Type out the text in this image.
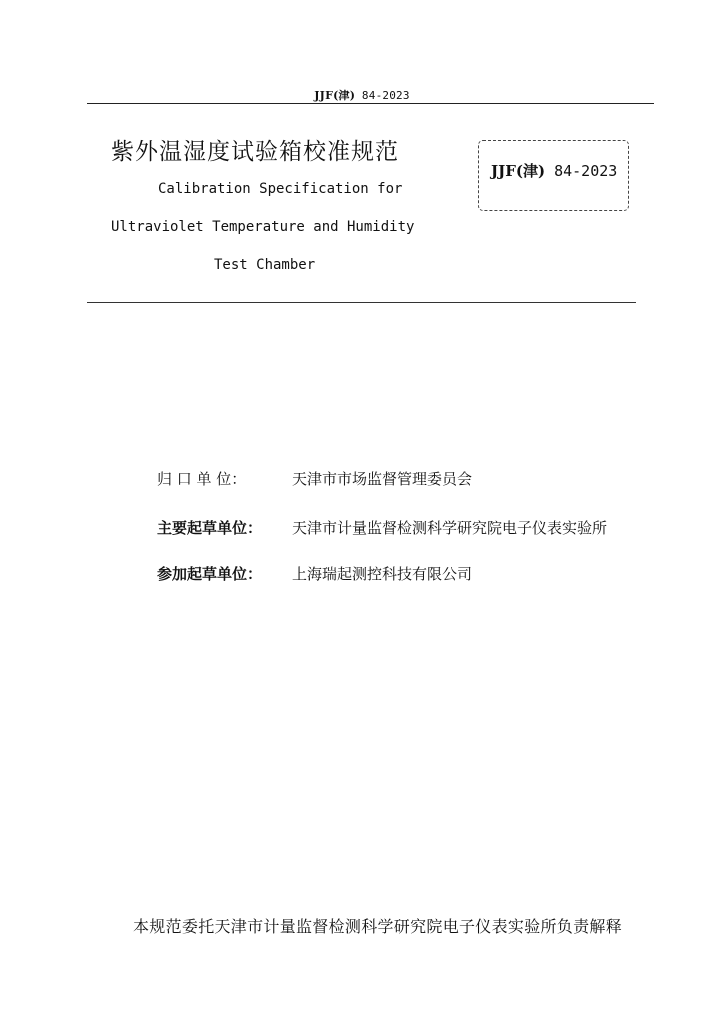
JJF(津) 84-2023
紫外温湿度试验箱校准规范
Calibration Specification for
Ultraviolet Temperature and Humidity
Test Chamber
JJF(津) 84-2023
归 口 单 位：	天津市市场监督管理委员会
主要起草单位： 天津市计量监督检测科学研究院电子仪表实验所
参加起草单位： 上海瑞起测控科技有限公司
本规范委托天津市计量监督检测科学研究院电子仪表实验所负责解释
